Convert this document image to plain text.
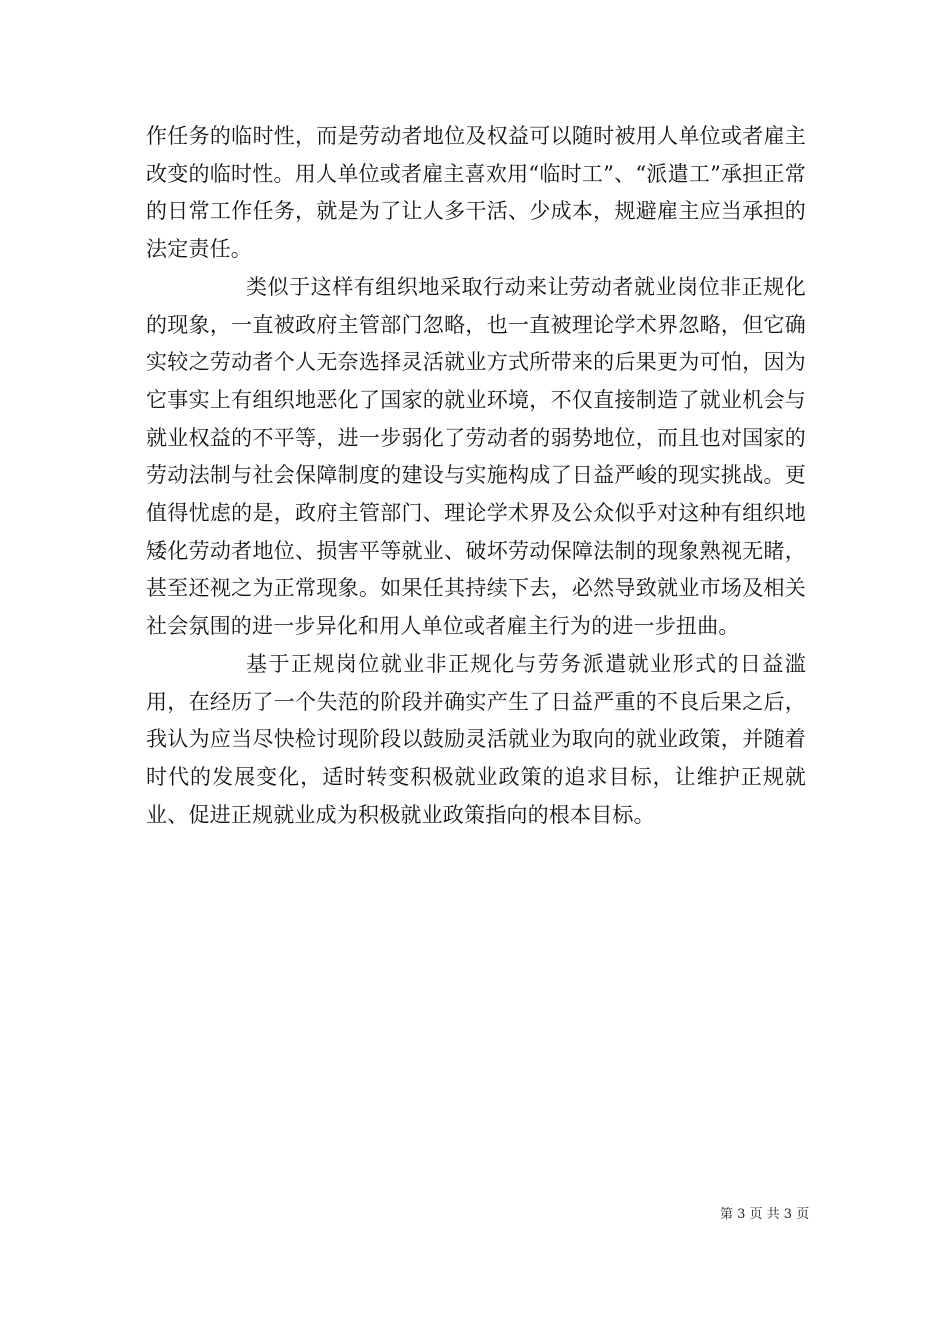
作任务的临时性，而是劳动者地位及权益可以随时被用人单位或者雇主改变的临时性。用人单位或者雇主喜欢用“临时工”、“派遣工”承担正常的日常工作任务，就是为了让人多干活、少成本，规避雇主应当承担的法定责任。

类似于这样有组织地采取行动来让劳动者就业岗位非正规化的现象，一直被政府主管部门忽略，也一直被理论学术界忽略，但它确实较之劳动者个人无奈选择灵活就业方式所带来的后果更为可怕，因为它事实上有组织地恶化了国家的就业环境，不仅直接制造了就业机会与就业权益的不平等，进一步弱化了劳动者的弱势地位，而且也对国家的劳动法制与社会保障制度的建设与实施构成了日益严峻的现实挑战。更值得忧虑的是，政府主管部门、理论学术界及公众似乎对这种有组织地矮化劳动者地位、损害平等就业、破坏劳动保障法制的现象熟视无睹，甚至还视之为正常现象。如果任其持续下去，必然导致就业市场及相关社会氛围的进一步异化和用人单位或者雇主行为的进一步扭曲。

基于正规岗位就业非正规化与劳务派遣就业形式的日益滥用，在经历了一个失范的阶段并确实产生了日益严重的不良后果之后，我认为应当尽快检讨现阶段以鼓励灵活就业为取向的就业政策，并随着时代的发展变化，适时转变积极就业政策的追求目标，让维护正规就业、促进正规就业成为积极就业政策指向的根本目标。

第 3 页 共 3 页
